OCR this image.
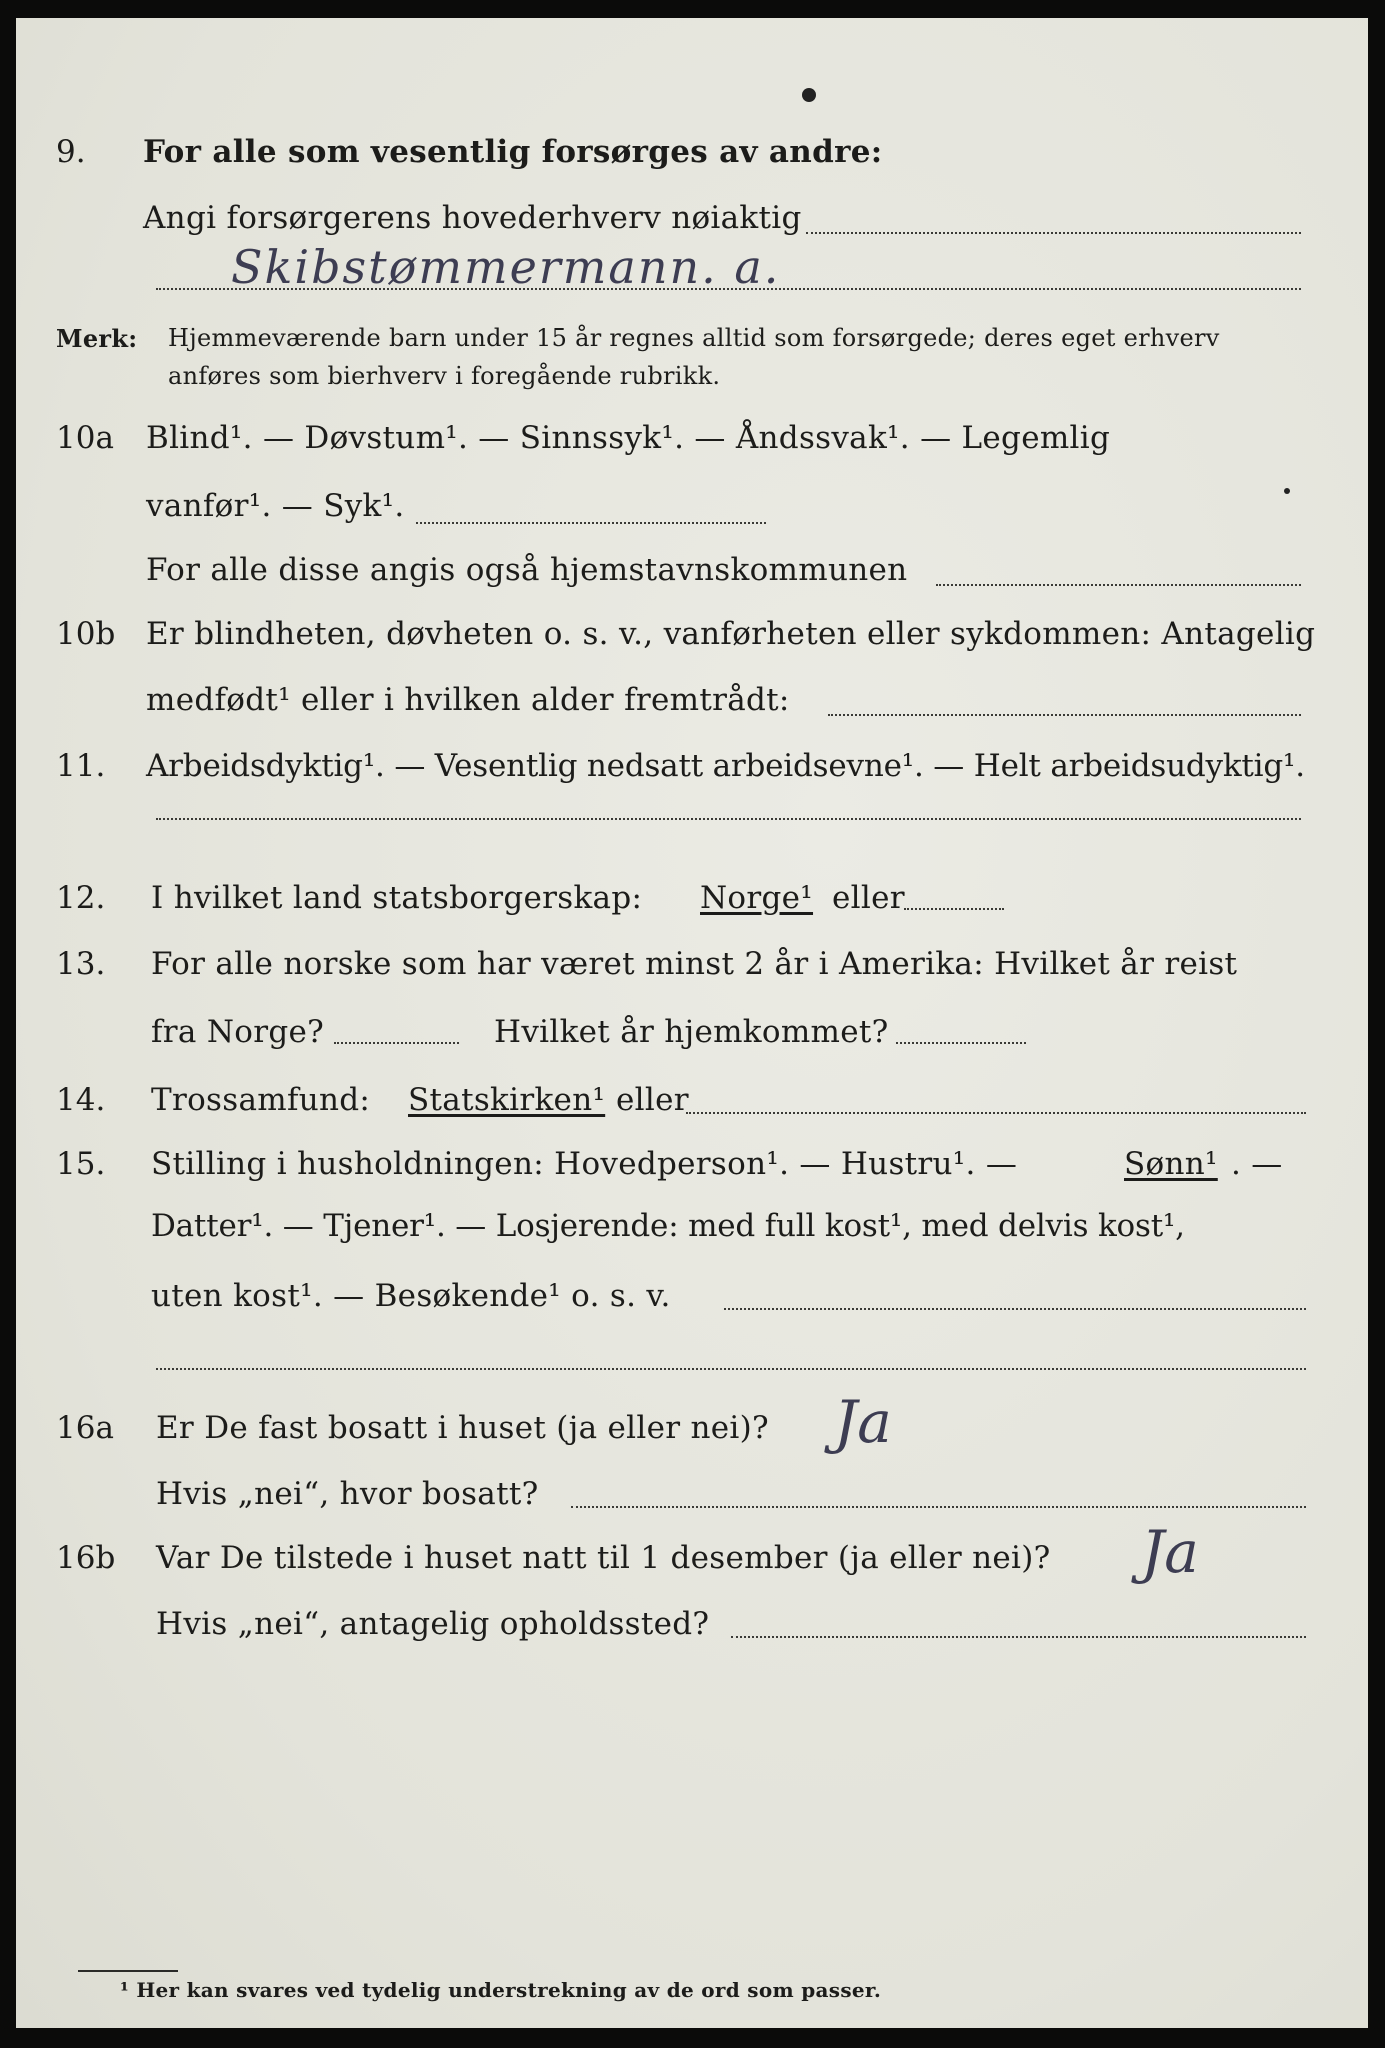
9. For alle som vesentlig forsørges av andre:
Angi forsørgerens hovederhverv nøiaktig
Skibstømmermann. a.
Merk: Hjemmeværende barn under 15 år regnes alltid som forsørgede; deres eget erhverv
anføres som bierhverv i foregående rubrikk.
10a Blind¹. — Døvstum¹. — Sinnssyk¹. — Åndssvak¹. — Legemlig
vanfør¹. — Syk¹.
For alle disse angis også hjemstavnskommunen
10b Er blindheten, døvheten o. s. v., vanførheten eller sykdommen: Antagelig
medfødt¹ eller i hvilken alder fremtrådt:
11. Arbeidsdyktig¹. — Vesentlig nedsatt arbeidsevne¹. — Helt arbeidsudyktig¹.
12. I hvilket land statsborgerskap: Norge¹ eller
13. For alle norske som har været minst 2 år i Amerika: Hvilket år reist
fra Norge?	Hvilket år hjemkommet?
14. Trossamfund: Statskirken¹ eller
15. Stilling i husholdningen: Hovedperson¹. — Hustru¹. —	Sønn¹ . —
Datter¹. — Tjener¹. — Losjerende: med full kost¹, med delvis kost¹,
uten kost¹. — Besøkende¹ o. s. v.
16a Er De fast bosatt i huset (ja eller nei)? Ja
Hvis „nei“, hvor bosatt?
16b Var De tilstede i huset natt til 1 desember (ja eller nei)? Ja
Hvis „nei“, antagelig opholdssted?
¹ Her kan svares ved tydelig understrekning av de ord som passer.
